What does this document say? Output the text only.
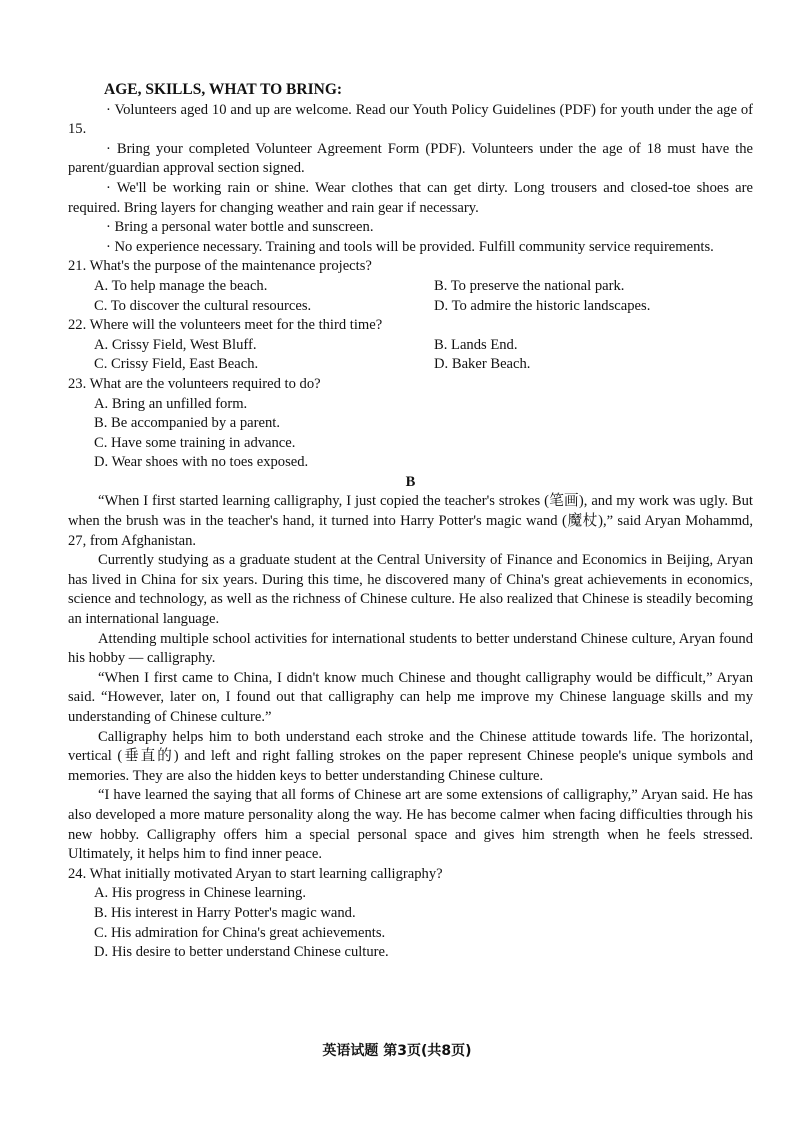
AGE, SKILLS, WHAT TO BRING:

· Volunteers aged 10 and up are welcome. Read our Youth Policy Guidelines (PDF) for youth under the age of 15.

· Bring your completed Volunteer Agreement Form (PDF). Volunteers under the age of 18 must have the parent/guardian approval section signed.

· We'll be working rain or shine. Wear clothes that can get dirty. Long trousers and closed-toe shoes are required. Bring layers for changing weather and rain gear if necessary.

· Bring a personal water bottle and sunscreen.

· No experience necessary. Training and tools will be provided. Fulfill community service requirements.

21. What's the purpose of the maintenance projects?

A. To help manage the beach.	B. To preserve the national park.
C. To discover the cultural resources.	D. To admire the historic landscapes.

22. Where will the volunteers meet for the third time?

A. Crissy Field, West Bluff.	B. Lands End.
C. Crissy Field, East Beach.	D. Baker Beach.

23. What are the volunteers required to do?

A. Bring an unfilled form.
B. Be accompanied by a parent.
C. Have some training in advance.
D. Wear shoes with no toes exposed.

B

“When I first started learning calligraphy, I just copied the teacher's strokes (笔画), and my work was ugly. But when the brush was in the teacher's hand, it turned into Harry Potter's magic wand (魔杖),” said Aryan Mohammd, 27, from Afghanistan.

Currently studying as a graduate student at the Central University of Finance and Economics in Beijing, Aryan has lived in China for six years. During this time, he discovered many of China's great achievements in economics, science and technology, as well as the richness of Chinese culture. He also realized that Chinese is steadily becoming an international language.

Attending multiple school activities for international students to better understand Chinese culture, Aryan found his hobby — calligraphy.

“When I first came to China, I didn't know much Chinese and thought calligraphy would be difficult,” Aryan said. “However, later on, I found out that calligraphy can help me improve my Chinese language skills and my understanding of Chinese culture.”

Calligraphy helps him to both understand each stroke and the Chinese attitude towards life. The horizontal, vertical (垂直的) and left and right falling strokes on the paper represent Chinese people's unique symbols and memories. They are also the hidden keys to better understanding Chinese culture.

“I have learned the saying that all forms of Chinese art are some extensions of calligraphy,” Aryan said. He has also developed a more mature personality along the way. He has become calmer when facing difficulties through his new hobby. Calligraphy offers him a special personal space and gives him strength when he feels stressed. Ultimately, it helps him to find inner peace.

24. What initially motivated Aryan to start learning calligraphy?

A. His progress in Chinese learning.
B. His interest in Harry Potter's magic wand.
C. His admiration for China's great achievements.
D. His desire to better understand Chinese culture.
英语试题 第3页(共8页)
